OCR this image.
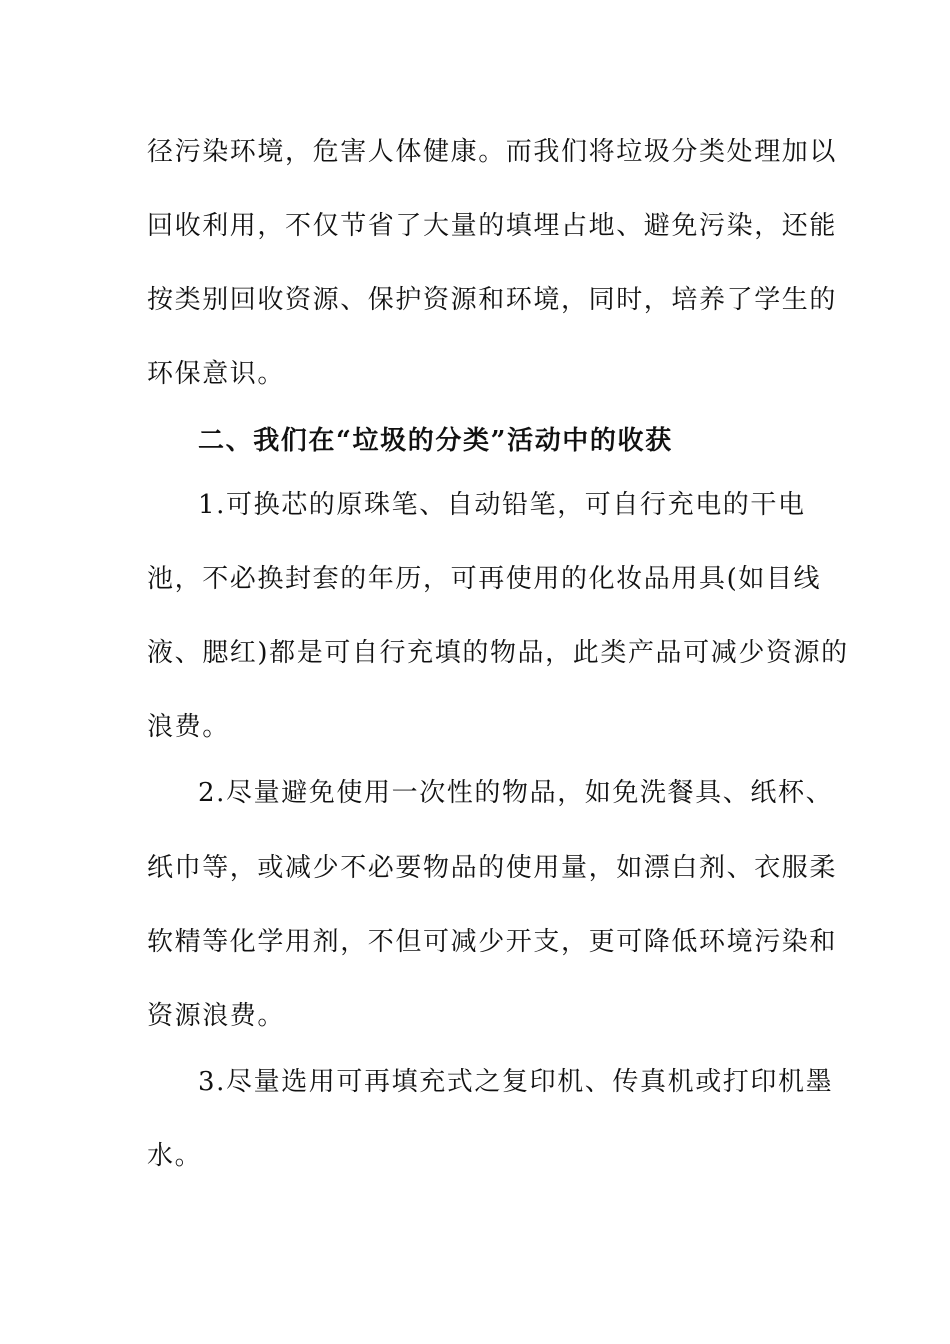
径污染环境，危害人体健康。而我们将垃圾分类处理加以
回收利用，不仅节省了大量的填埋占地、避免污染，还能
按类别回收资源、保护资源和环境，同时，培养了学生的
环保意识。
二、我们在“垃圾的分类”活动中的收获
1.可换芯的原珠笔、自动铅笔，可自行充电的干电
池，不必换封套的年历，可再使用的化妆品用具(如目线
液、腮红)都是可自行充填的物品，此类产品可减少资源的
浪费。
2.尽量避免使用一次性的物品，如免洗餐具、纸杯、
纸巾等，或减少不必要物品的使用量，如漂白剂、衣服柔
软精等化学用剂，不但可减少开支，更可降低环境污染和
资源浪费。
3.尽量选用可再填充式之复印机、传真机或打印机墨
水。
